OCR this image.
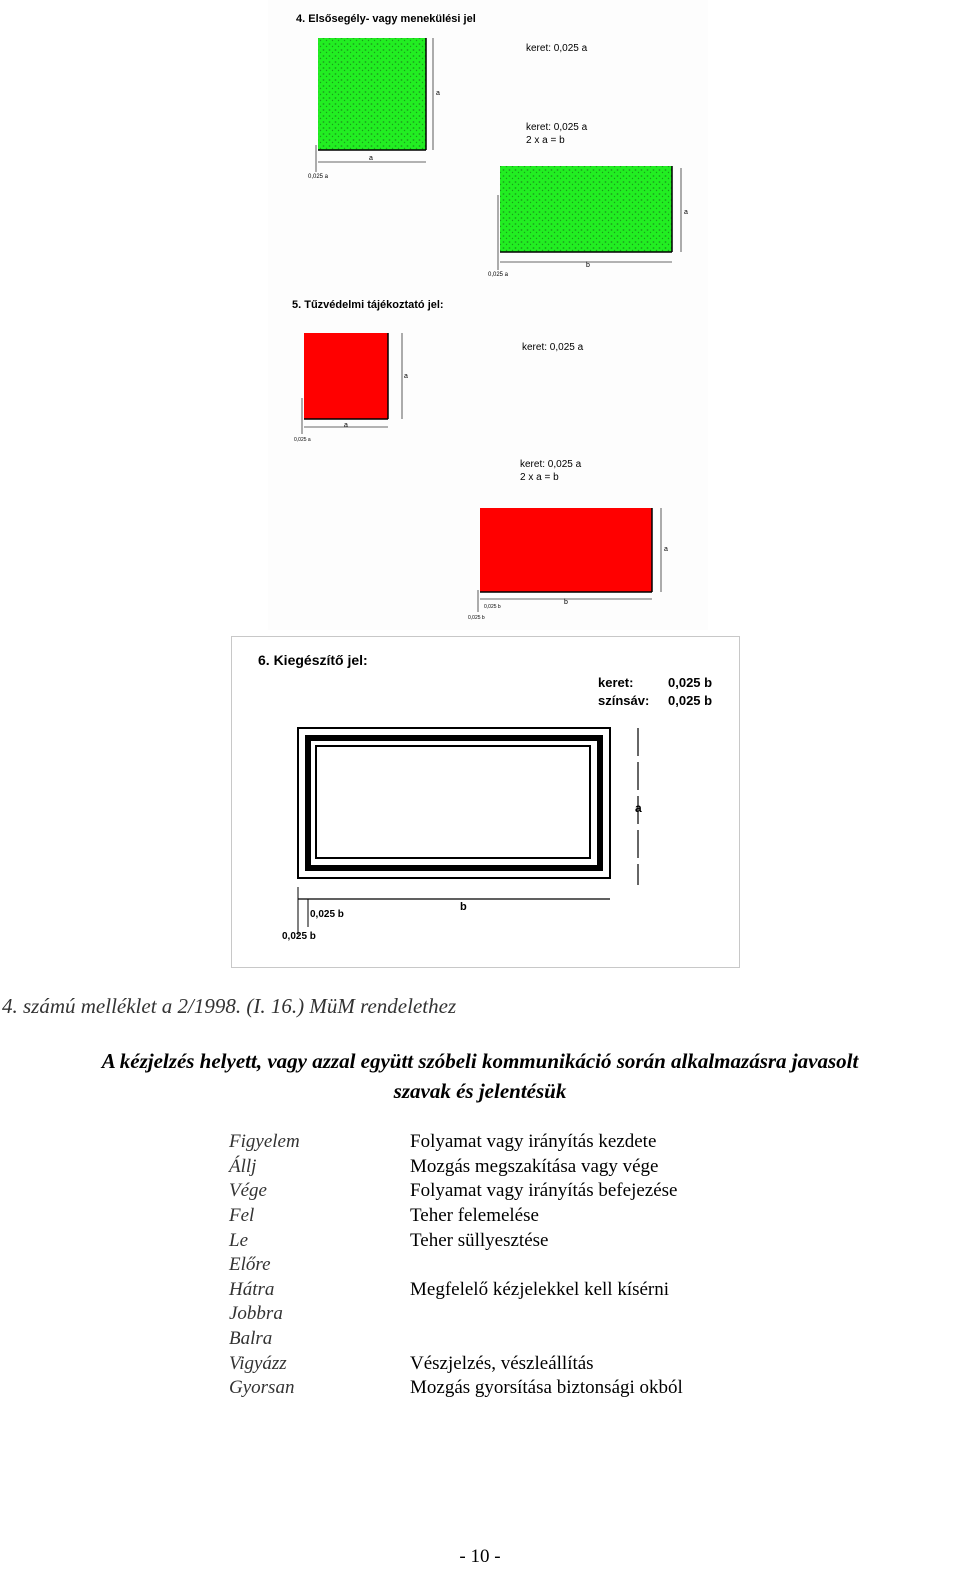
4. Elsősegély- vagy menekülési jel
a
a
0,025 a
keret: 0,025 a
keret: 0,025 a
2 x a = b
a
b
0,025 a
5. Tűzvédelmi tájékoztató jel:
a
a
0,025 a
keret: 0,025 a
keret: 0,025 a
2 x a = b
a
b
0,025 b
0,025 b
6. Kiegészítő jel:
keret:	0,025 b
színsáv: 0,025 b
a
b
0,025 b
0,025 b
4. számú melléklet a 2/1998. (I. 16.) MüM rendelethez
A kézjelzés helyett, vagy azzal együtt szóbeli kommunikáció során alkalmazásra javasolt
szavak és jelentésük
Figyelem	Folyamat vagy irányítás kezdete
Állj	Mozgás megszakítása vagy vége
Vége	Folyamat vagy irányítás befejezése
Fel	Teher felemelése
Le	Teher süllyesztése
Előre
Hátra	Megfelelő kézjelekkel kell kísérni
Jobbra
Balra
Vigyázz	Vészjelzés, vészleállítás
Gyorsan	Mozgás gyorsítása biztonsági okból
- 10 -
